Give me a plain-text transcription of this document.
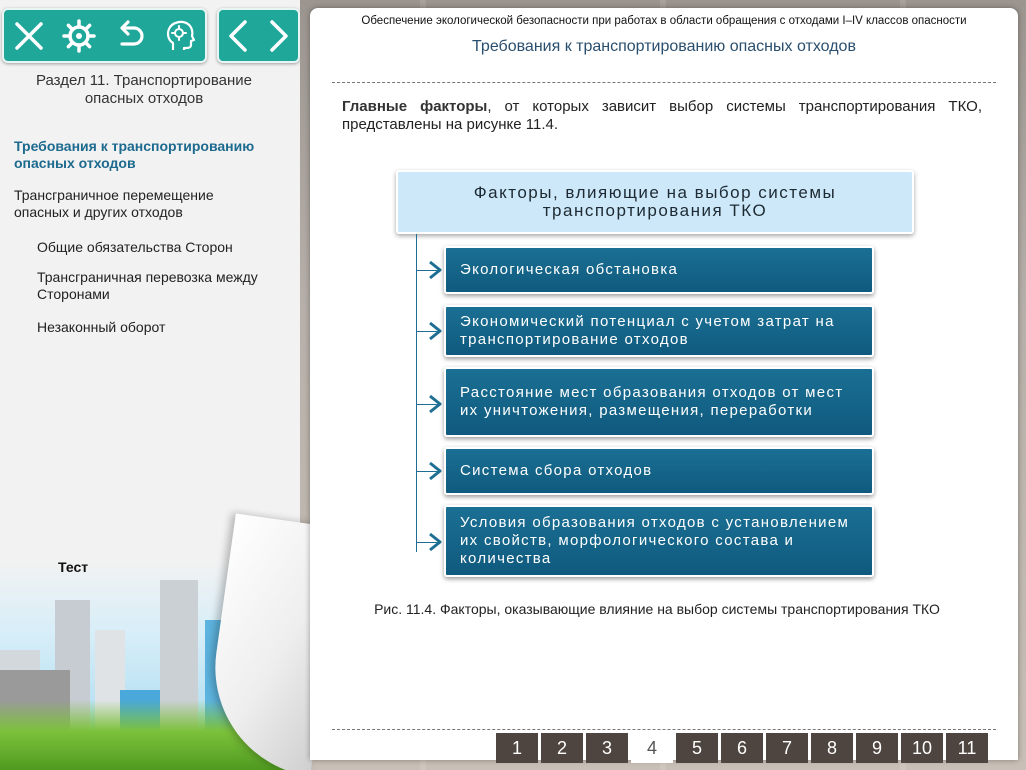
Раздел 11. Транспортирование опасных отходов
Требования к транспортированию опасных отходов
Трансграничное перемещение опасных и других отходов
Общие обязательства Сторон
Трансграничная перевозка между Сторонами
Незаконный оборот
Тест
Обеспечение экологической безопасности при работах в области обращения с отходами I–IV классов опасности
Требования к транспортированию опасных отходов
Главные факторы, от которых зависит выбор системы транспортирования ТКО, представлены на рисунке 11.4.
Факторы, влияющие на выбор системы транспортирования ТКО
Экологическая обстановка
Экономический потенциал с учетом затрат на транспортирование отходов
Расстояние мест образования отходов от мест их уничтожения, размещения, переработки
Система сбора отходов
Условия образования отходов с установлением их свойств, морфологического состава и количества
Рис. 11.4. Факторы, оказывающие влияние на выбор системы транспортирования ТКО
1	2	3	4	5	6	7	8	9	10	11
